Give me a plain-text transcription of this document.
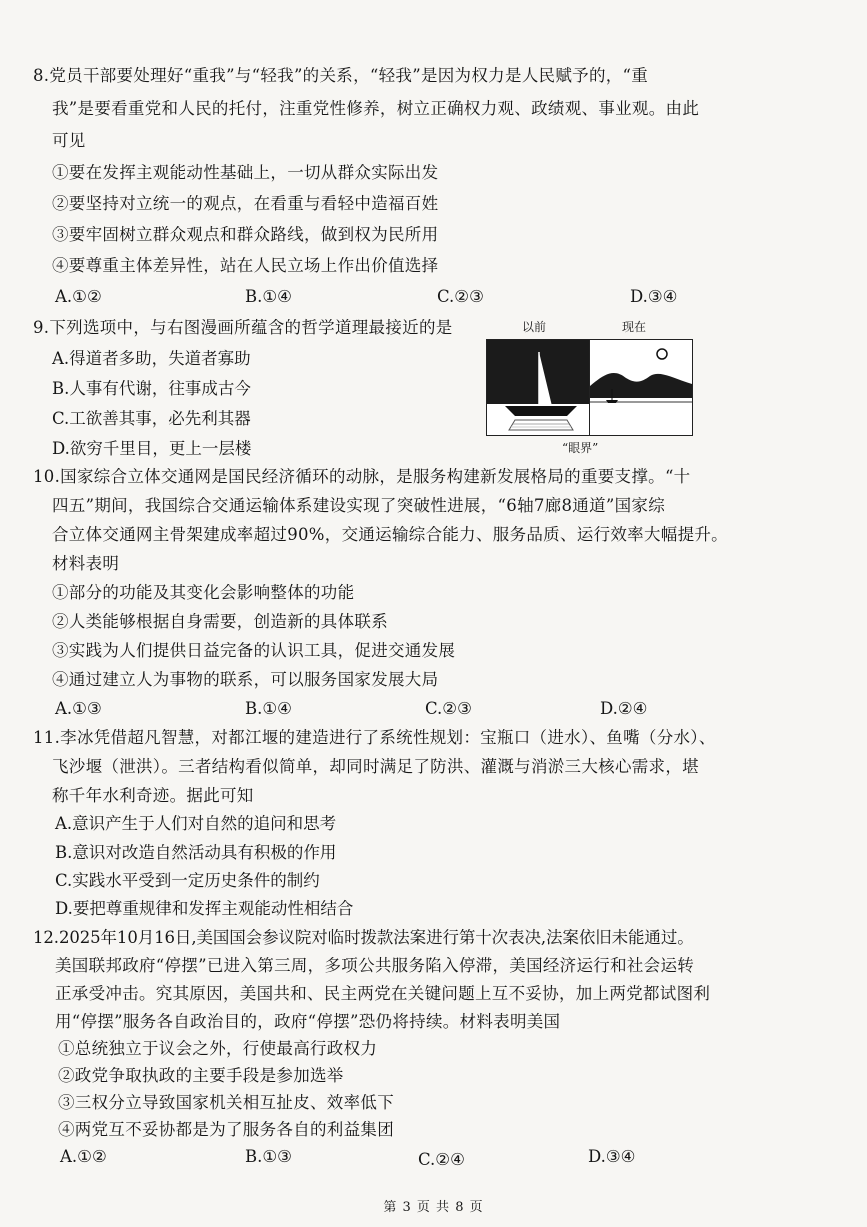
8.党员干部要处理好“重我”与“轻我”的关系，“轻我”是因为权力是人民赋予的，“重
我”是要看重党和人民的托付，注重党性修养，树立正确权力观、政绩观、事业观。由此
可见
①要在发挥主观能动性基础上，一切从群众实际出发
②要坚持对立统一的观点，在看重与看轻中造福百姓
③要牢固树立群众观点和群众路线，做到权为民所用
④要尊重主体差异性，站在人民立场上作出价值选择
A.①②	B.①④	C.②③	D.③④
9.下列选项中，与右图漫画所蕴含的哲学道理最接近的是
A.得道者多助，失道者寡助
B.人事有代谢，往事成古今
C.工欲善其事，必先利其器
D.欲穷千里目，更上一层楼
以前	现在
“眼界”
10.国家综合立体交通网是国民经济循环的动脉，是服务构建新发展格局的重要支撑。“十
四五”期间，我国综合交通运输体系建设实现了突破性进展，“6轴7廊8通道”国家综
合立体交通网主骨架建成率超过90%，交通运输综合能力、服务品质、运行效率大幅提升。
材料表明
①部分的功能及其变化会影响整体的功能
②人类能够根据自身需要，创造新的具体联系
③实践为人们提供日益完备的认识工具，促进交通发展
④通过建立人为事物的联系，可以服务国家发展大局
A.①③	B.①④	C.②③	D.②④
11.李冰凭借超凡智慧，对都江堰的建造进行了系统性规划：宝瓶口（进水）、鱼嘴（分水）、
飞沙堰（泄洪）。三者结构看似简单，却同时满足了防洪、灌溉与消淤三大核心需求，堪
称千年水利奇迹。据此可知
A.意识产生于人们对自然的追问和思考
B.意识对改造自然活动具有积极的作用
C.实践水平受到一定历史条件的制约
D.要把尊重规律和发挥主观能动性相结合
12.2025年10月16日,美国国会参议院对临时拨款法案进行第十次表决,法案依旧未能通过。
美国联邦政府“停摆”已进入第三周，多项公共服务陷入停滞，美国经济运行和社会运转
正承受冲击。究其原因，美国共和、民主两党在关键问题上互不妥协，加上两党都试图利
用“停摆”服务各自政治目的，政府“停摆”恐仍将持续。材料表明美国
①总统独立于议会之外，行使最高行政权力
②政党争取执政的主要手段是参加选举
③三权分立导致国家机关相互扯皮、效率低下
④两党互不妥协都是为了服务各自的利益集团
A.①②	B.①③	C.②④	D.③④
第 3 页 共 8 页
